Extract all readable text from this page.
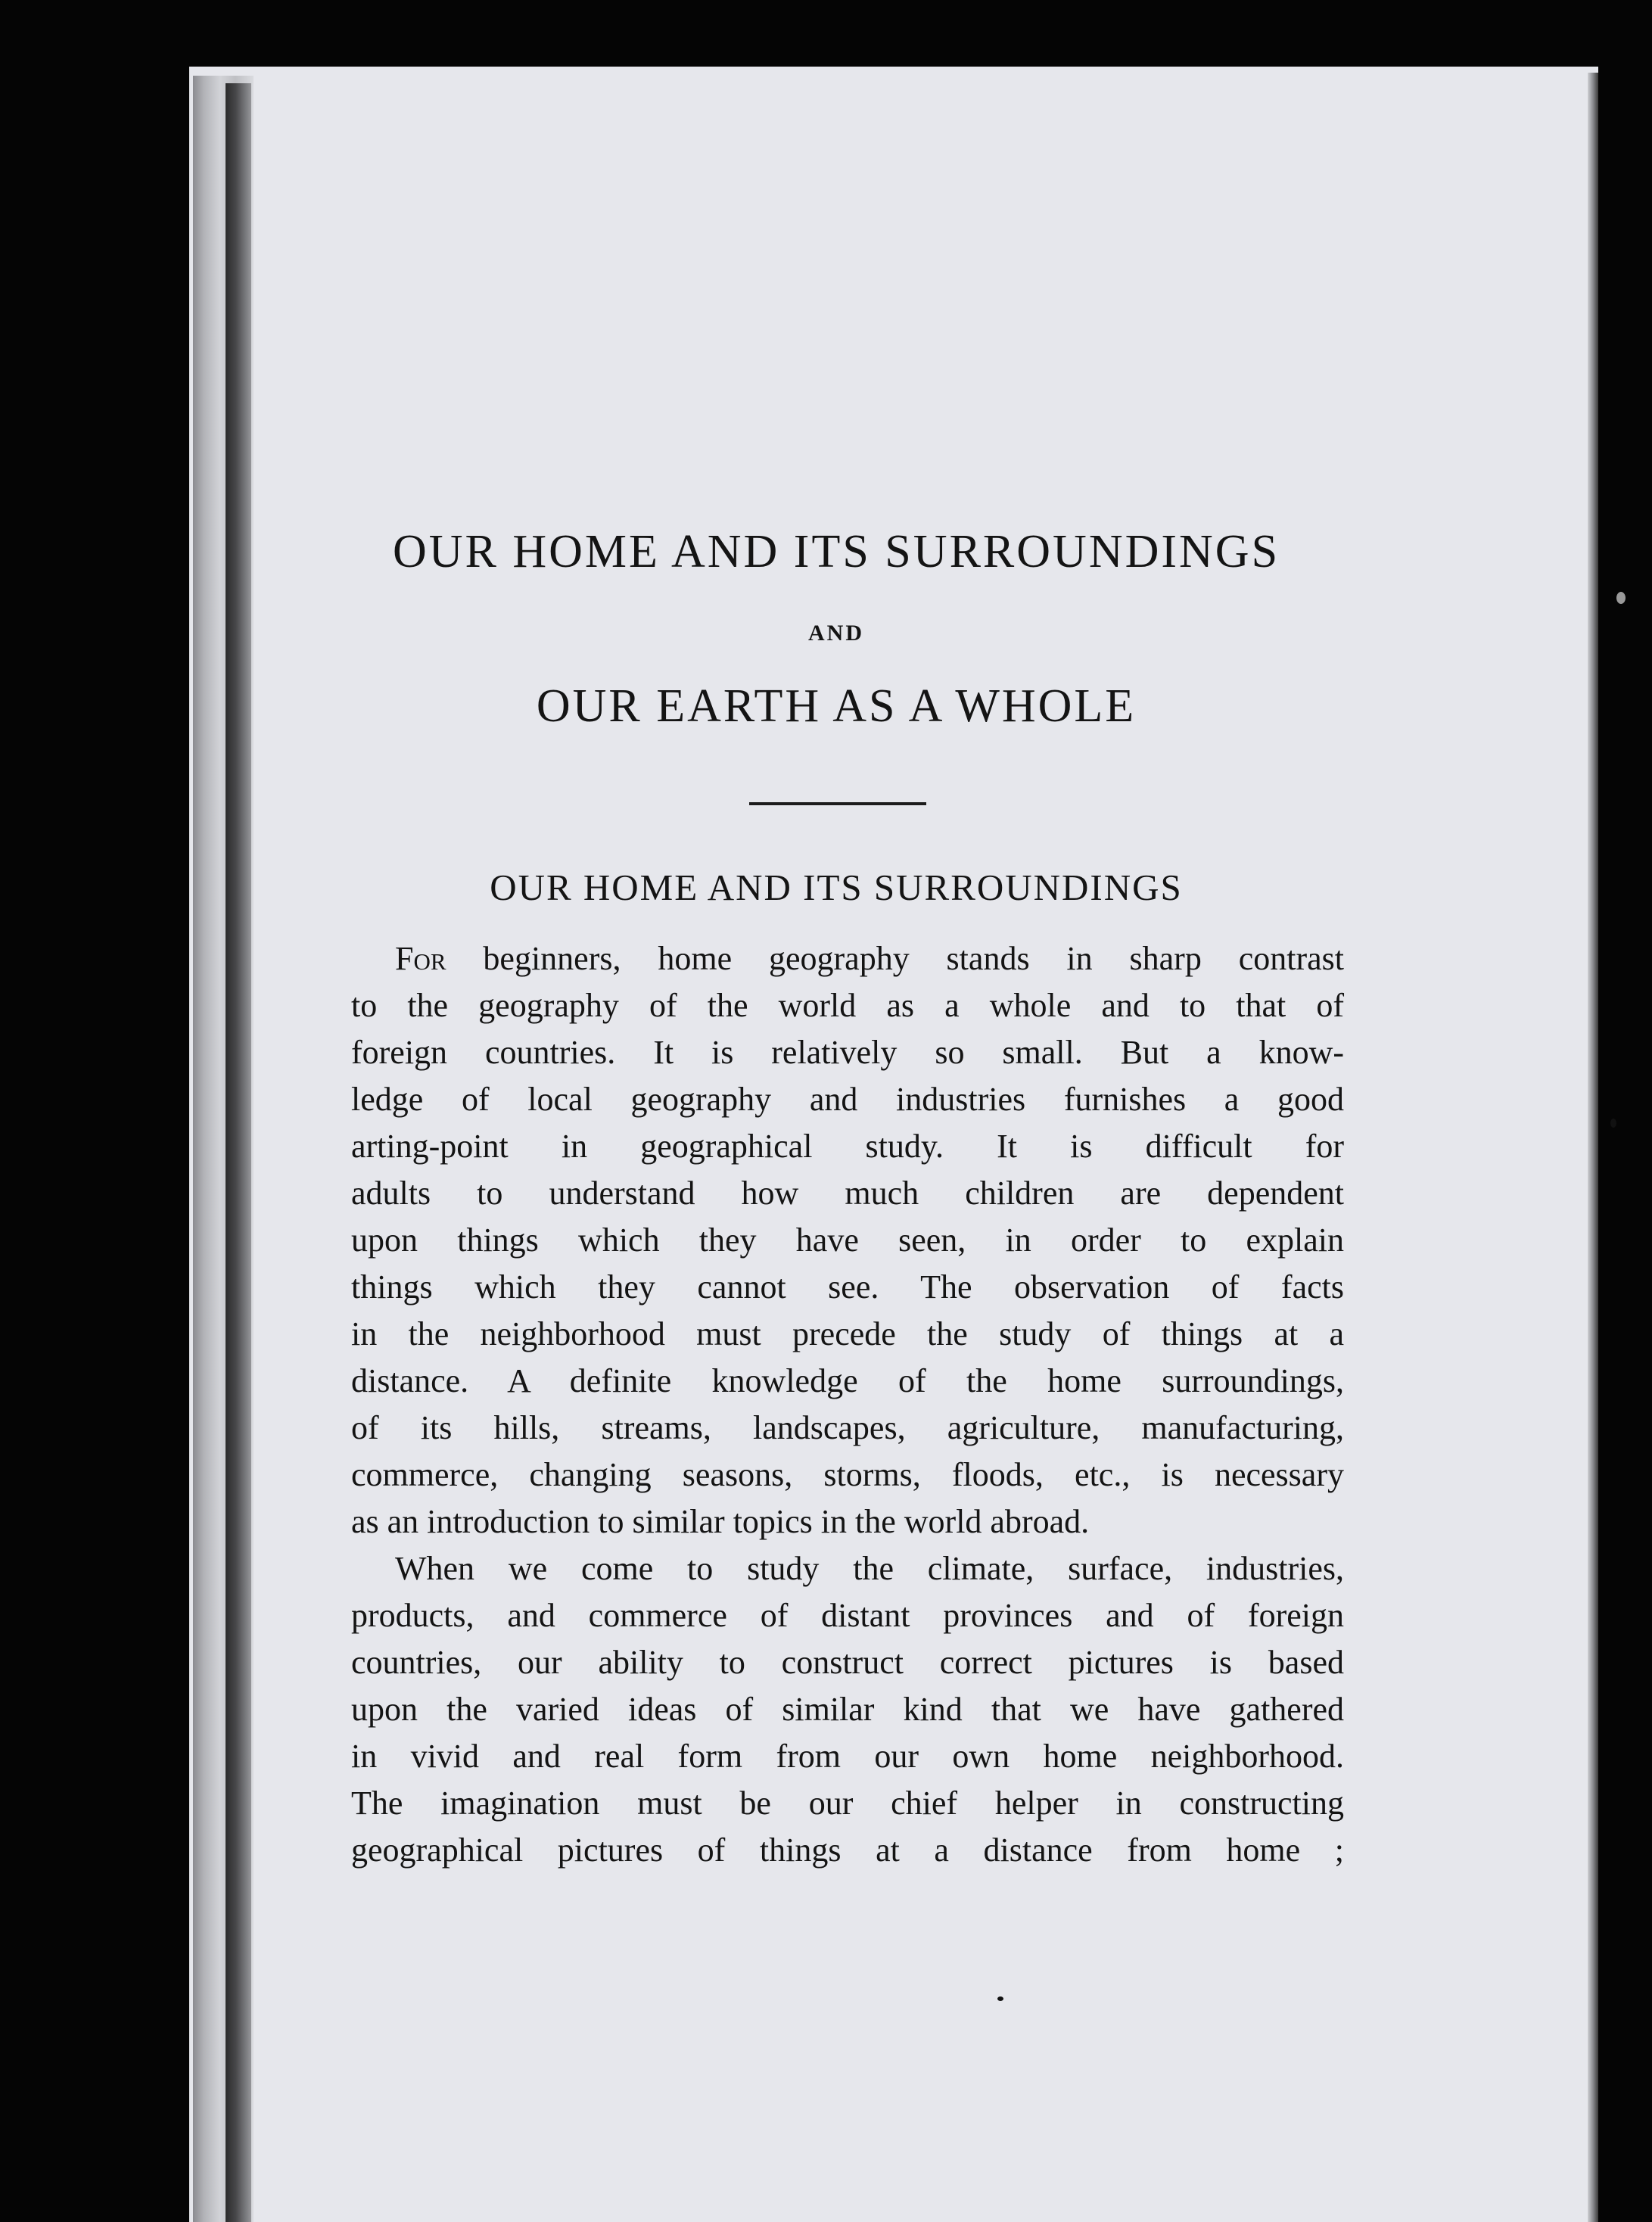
OUR HOME AND ITS SURROUNDINGS
AND
OUR EARTH AS A WHOLE
OUR HOME AND ITS SURROUNDINGS
For beginners, home geography stands in sharp contrast
to the geography of the world as a whole and to that of
foreign countries. It is relatively so small. But a know-
ledge of local geography and industries furnishes a good
arting-point in geographical study. It is difficult for
adults to understand how much children are dependent
upon things which they have seen, in order to explain
things which they cannot see. The observation of facts
in the neighborhood must precede the study of things at a
distance. A definite knowledge of the home surroundings,
of its hills, streams, landscapes, agriculture, manufacturing,
commerce, changing seasons, storms, floods, etc., is necessary
as an introduction to similar topics in the world abroad.
When we come to study the climate, surface, industries,
products, and commerce of distant provinces and of foreign
countries, our ability to construct correct pictures is based
upon the varied ideas of similar kind that we have gathered
in vivid and real form from our own home neighborhood.
The imagination must be our chief helper in constructing
geographical pictures of things at a distance from home ;
